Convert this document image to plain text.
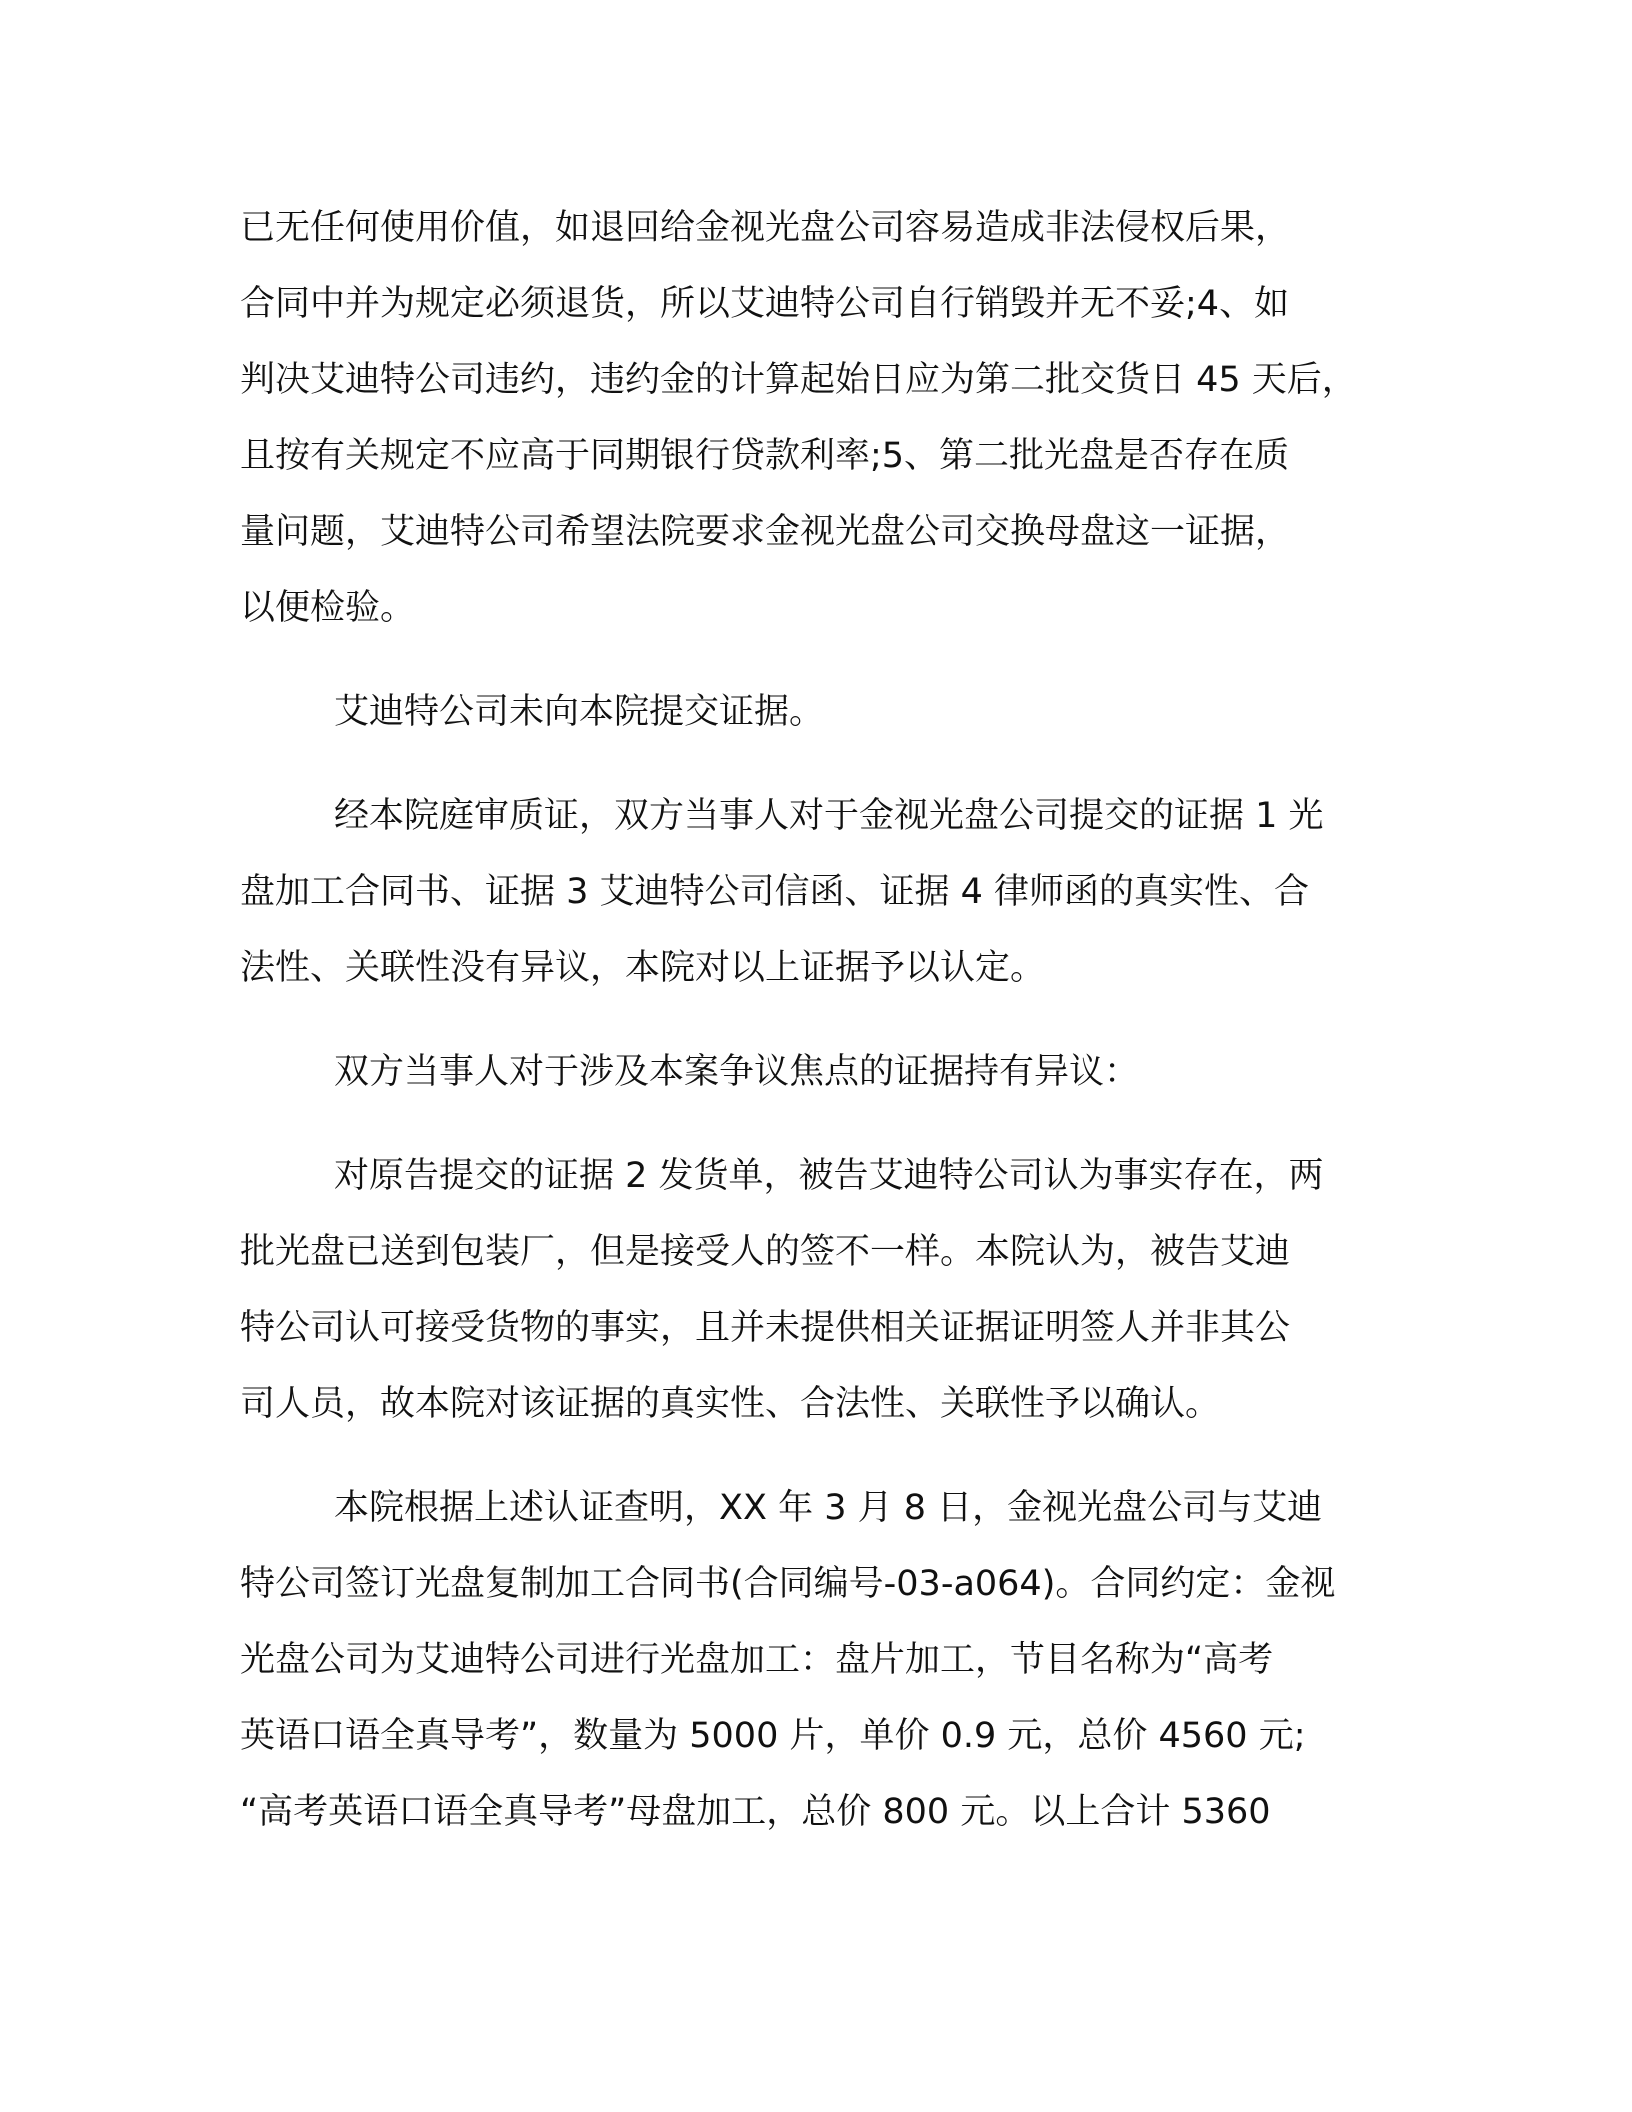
已无任何使用价值，如退回给金视光盘公司容易造成非法侵权后果，
合同中并为规定必须退货，所以艾迪特公司自行销毁并无不妥;4、如
判决艾迪特公司违约，违约金的计算起始日应为第二批交货日 45 天后，
且按有关规定不应高于同期银行贷款利率;5、第二批光盘是否存在质
量问题，艾迪特公司希望法院要求金视光盘公司交换母盘这一证据，
以便检验。
艾迪特公司未向本院提交证据。
经本院庭审质证，双方当事人对于金视光盘公司提交的证据 1 光
盘加工合同书、证据 3 艾迪特公司信函、证据 4 律师函的真实性、合
法性、关联性没有异议，本院对以上证据予以认定。
双方当事人对于涉及本案争议焦点的证据持有异议：
对原告提交的证据 2 发货单，被告艾迪特公司认为事实存在，两
批光盘已送到包装厂，但是接受人的签不一样。本院认为，被告艾迪
特公司认可接受货物的事实，且并未提供相关证据证明签人并非其公
司人员，故本院对该证据的真实性、合法性、关联性予以确认。
本院根据上述认证查明，XX 年 3 月 8 日，金视光盘公司与艾迪
特公司签订光盘复制加工合同书(合同编号-03-a064)。合同约定：金视
光盘公司为艾迪特公司进行光盘加工：盘片加工，节目名称为“高考
英语口语全真导考”，数量为 5000 片，单价 0.9 元，总价 4560 元;
“高考英语口语全真导考”母盘加工，总价 800 元。以上合计 5360
